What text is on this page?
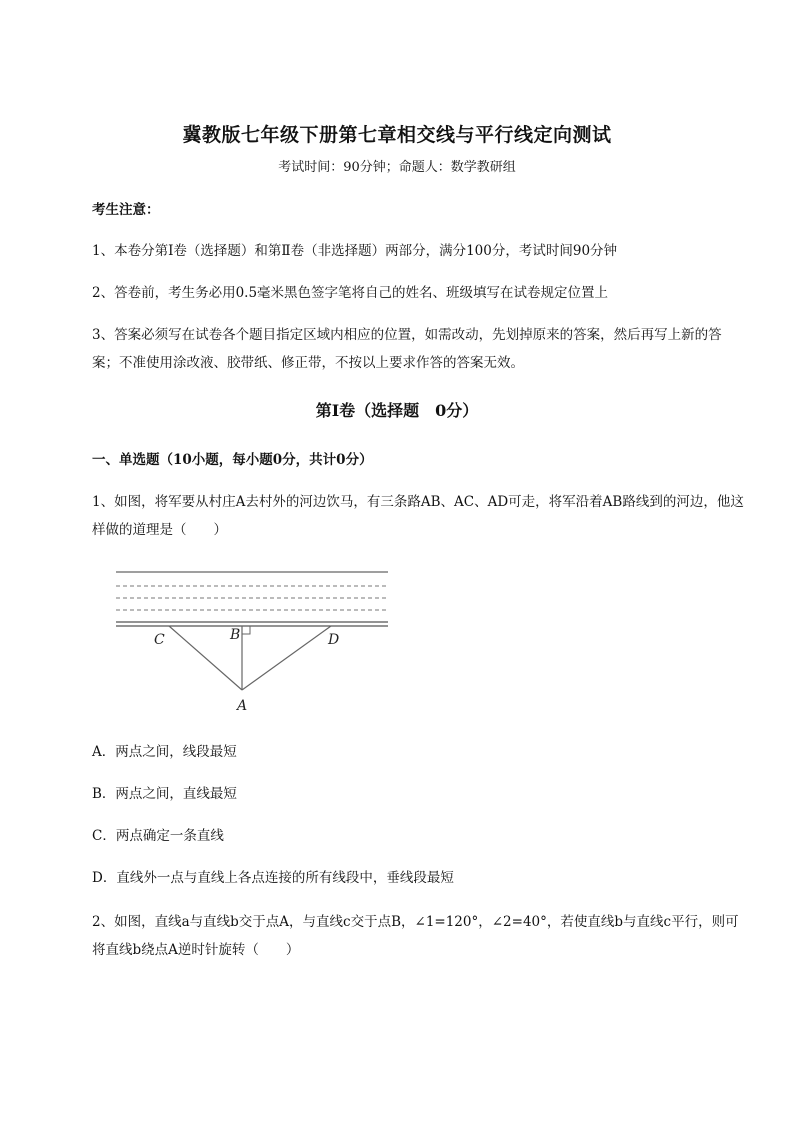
冀教版七年级下册第七章相交线与平行线定向测试
考试时间：90分钟；命题人：数学教研组
考生注意：
1、本卷分第I卷（选择题）和第Ⅱ卷（非选择题）两部分，满分100分，考试时间90分钟
2、答卷前，考生务必用0.5毫米黑色签字笔将自己的姓名、班级填写在试卷规定位置上
3、答案必须写在试卷各个题目指定区域内相应的位置，如需改动，先划掉原来的答案，然后再写上新的答案；不准使用涂改液、胶带纸、修正带，不按以上要求作答的答案无效。
第I卷（选择题　0分）
一、单选题（10小题，每小题0分，共计0分）
1、如图，将军要从村庄A去村外的河边饮马，有三条路AB、AC、AD可走，将军沿着AB路线到的河边，他这样做的道理是（　　）
C	B	D
A
A．两点之间，线段最短
B．两点之间，直线最短
C．两点确定一条直线
D．直线外一点与直线上各点连接的所有线段中，垂线段最短
2、如图，直线a与直线b交于点A，与直线c交于点B，∠1=120°，∠2=40°，若使直线b与直线c平行，则可将直线b绕点A逆时针旋转（　　）
